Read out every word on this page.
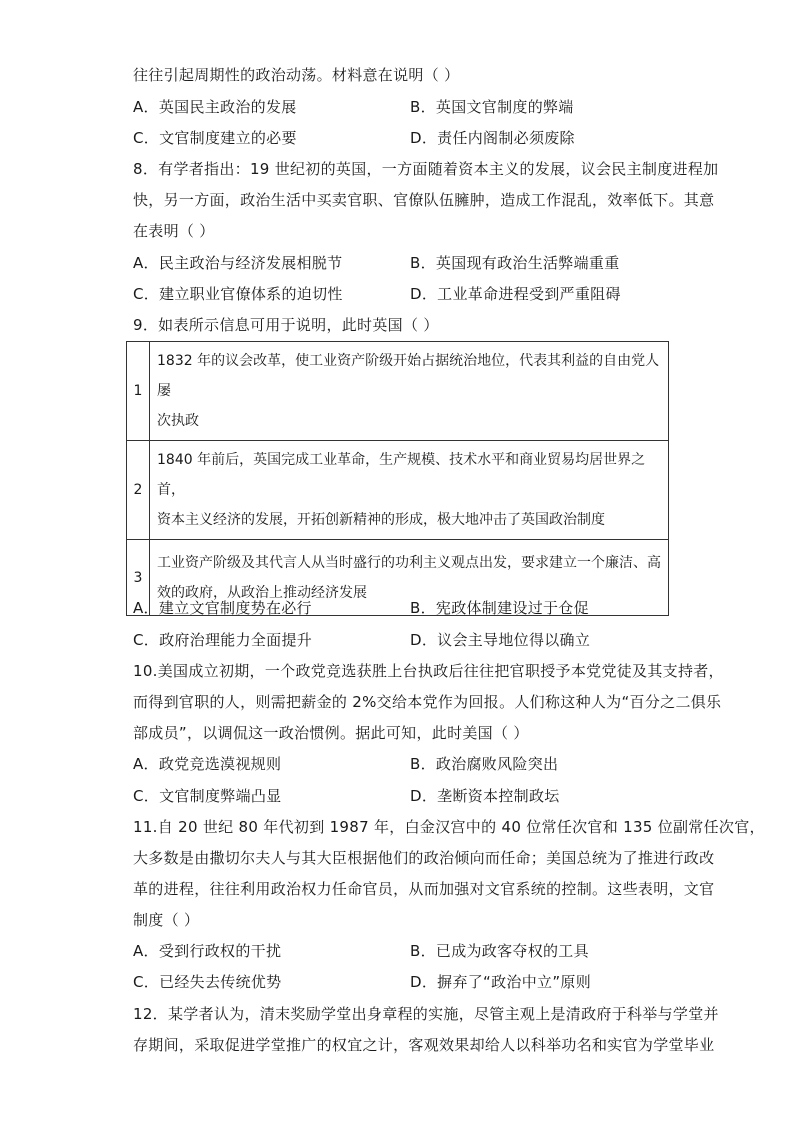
往往引起周期性的政治动荡。材料意在说明（ ）
A．英国民主政治的发展	B．英国文官制度的弊端
C．文官制度建立的必要	D．责任内阁制必须废除
8．有学者指出：19 世纪初的英国，一方面随着资本主义的发展，议会民主制度进程加
快，另一方面，政治生活中买卖官职、官僚队伍臃肿，造成工作混乱，效率低下。其意
在表明（ ）
A．民主政治与经济发展相脱节	B．英国现有政治生活弊端重重
C．建立职业官僚体系的迫切性	D．工业革命进程受到严重阻碍
9．如表所示信息可用于说明，此时英国（ ）
1	1832 年的议会改革，使工业资产阶级开始占据统治地位，代表其利益的自由党人屡
次执政

2	1840 年前后，英国完成工业革命，生产规模、技术水平和商业贸易均居世界之首，
资本主义经济的发展，开拓创新精神的形成，极大地冲击了英国政治制度

3	工业资产阶级及其代言人从当时盛行的功利主义观点出发，要求建立一个廉洁、高
效的政府，从政治上推动经济发展
A．建立文官制度势在必行	B．宪政体制建设过于仓促
C．政府治理能力全面提升	D．议会主导地位得以确立
10.美国成立初期，一个政党竞选获胜上台执政后往往把官职授予本党党徒及其支持者，
而得到官职的人，则需把薪金的 2%交给本党作为回报。人们称这种人为“百分之二俱乐
部成员”，以调侃这一政治惯例。据此可知，此时美国（ ）
A．政党竞选漠视规则	B．政治腐败风险突出
C．文官制度弊端凸显	D．垄断资本控制政坛
11.自 20 世纪 80 年代初到 1987 年，白金汉宫中的 40 位常任次官和 135 位副常任次官，
大多数是由撒切尔夫人与其大臣根据他们的政治倾向而任命；美国总统为了推进行政改
革的进程，往往利用政治权力任命官员，从而加强对文官系统的控制。这些表明，文官
制度（ ）
A．受到行政权的干扰	B．已成为政客夺权的工具
C．已经失去传统优势	D．摒弃了“政治中立”原则
12．某学者认为，清末奖励学堂出身章程的实施，尽管主观上是清政府于科举与学堂并
存期间，采取促进学堂推广的权宜之计，客观效果却给人以科举功名和实官为学堂毕业
